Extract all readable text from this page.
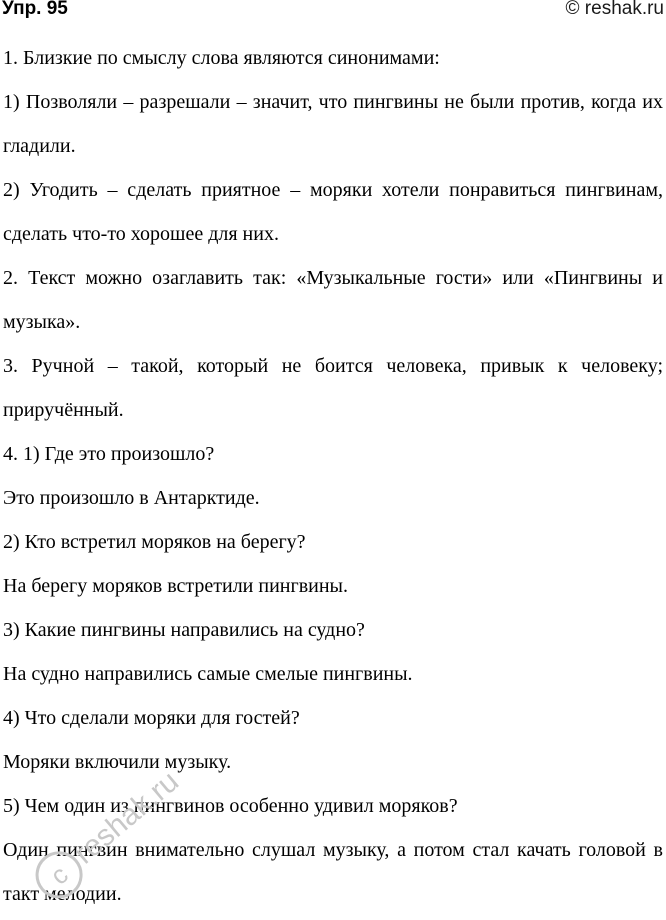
Упр. 95	© reshak.ru

1. Близкие по смыслу слова являются синонимами:

1) Позволяли – разрешали – значит, что пингвины не были против, когда их гладили.

2) Угодить – сделать приятное – моряки хотели понравиться пингвинам, сделать что-то хорошее для них.

2. Текст можно озаглавить так: «Музыкальные гости» или «Пингвины и музыка».

3. Ручной – такой, который не боится человека, привык к человеку; приручённый.

4. 1) Где это произошло?

Это произошло в Антарктиде.

2) Кто встретил моряков на берегу?

На берегу моряков встретили пингвины.

3) Какие пингвины направились на судно?

На судно направились самые смелые пингвины.

4) Что сделали моряки для гостей?

Моряки включили музыку.

5) Чем один из пингвинов особенно удивил моряков?

Один пингвин внимательно слушал музыку, а потом стал качать головой в такт мелодии.

c
reshak.ru
